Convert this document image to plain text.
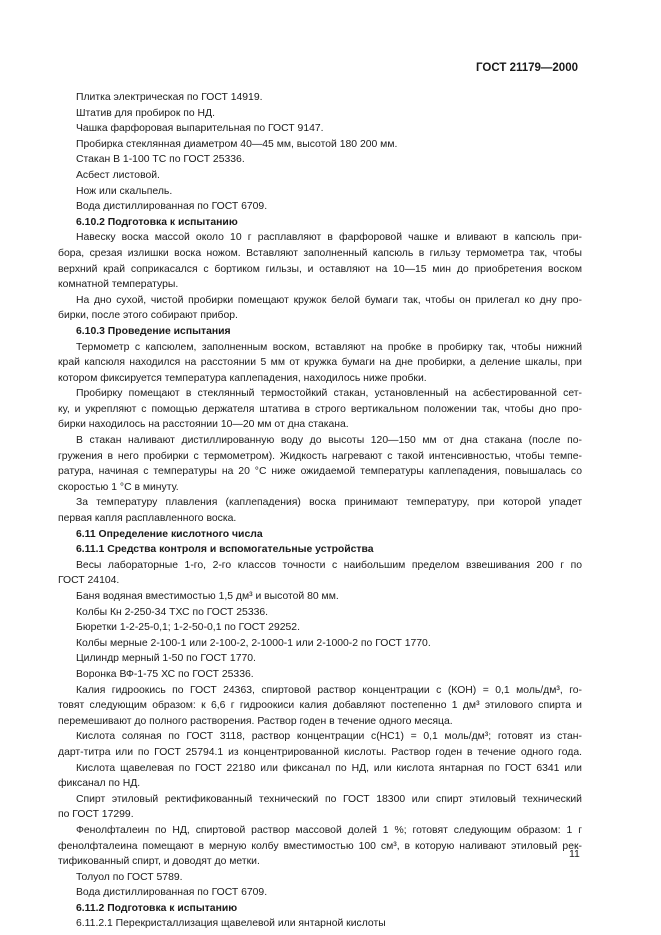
ГОСТ 21179—2000
Плитка электрическая по ГОСТ 14919.
Штатив для пробирок по НД.
Чашка фарфоровая выпарительная по ГОСТ 9147.
Пробирка стеклянная диаметром 40—45 мм, высотой 180 200 мм.
Стакан В 1-100 ТС по ГОСТ 25336.
Асбест листовой.
Нож или скальпель.
Вода дистиллированная по ГОСТ 6709.
6.10.2 Подготовка к испытанию
Навеску воска массой около 10 г расплавляют в фарфоровой чашке и вливают в капсюль при-
бора, срезая излишки воска ножом. Вставляют заполненный капсюль в гильзу термометра так, чтобы
верхний край соприкасался с бортиком гильзы, и оставляют на 10—15 мин до приобретения воском
комнатной температуры.
На дно сухой, чистой пробирки помещают кружок белой бумаги так, чтобы он прилегал ко дну про-
бирки, после этого собирают прибор.
6.10.3 Проведение испытания
Термометр с капсюлем, заполненным воском, вставляют на пробке в пробирку так, чтобы нижний
край капсюля находился на расстоянии 5 мм от кружка бумаги на дне пробирки, а деление шкалы, при
котором фиксируется температура каплепадения, находилось ниже пробки.
Пробирку помещают в стеклянный термостойкий стакан, установленный на асбестированной сет-
ку, и укрепляют с помощью держателя штатива в строго вертикальном положении так, чтобы дно про-
бирки находилось на расстоянии 10—20 мм от дна стакана.
В стакан наливают дистиллированную воду до высоты 120—150 мм от дна стакана (после по-
гружения в него пробирки с термометром). Жидкость нагревают с такой интенсивностью, чтобы темпе-
ратура, начиная с температуры на 20 °С ниже ожидаемой температуры каплепадения, повышалась со
скоростью 1 °С в минуту.
За температуру плавления (каплепадения) воска принимают температуру, при которой упадет
первая капля расплавленного воска.
6.11 Определение кислотного числа
6.11.1 Средства контроля и вспомогательные устройства
Весы лабораторные 1-го, 2-го классов точности с наибольшим пределом взвешивания 200 г по
ГОСТ 24104.
Баня водяная вместимостью 1,5 дм³ и высотой 80 мм.
Колбы Кн 2-250-34 ТХС по ГОСТ 25336.
Бюретки 1-2-25-0,1; 1-2-50-0,1 по ГОСТ 29252.
Колбы мерные 2-100-1 или 2-100-2, 2-1000-1 или 2-1000-2 по ГОСТ 1770.
Цилиндр мерный 1-50 по ГОСТ 1770.
Воронка ВФ-1-75 ХС по ГОСТ 25336.
Калия гидроокись по ГОСТ 24363, спиртовой раствор концентрации с (КОН) = 0,1 моль/дм³, го-
товят следующим образом: к 6,6 г гидроокиси калия добавляют постепенно 1 дм³ этилового спирта и
перемешивают до полного растворения. Раствор годен в течение одного месяца.
Кислота соляная по ГОСТ 3118, раствор концентрации с(НС1) = 0,1 моль/дм³; готовят из стан-
дарт-титра или по ГОСТ 25794.1 из концентрированной кислоты. Раствор годен в течение одного года.
Кислота щавелевая по ГОСТ 22180 или фиксанал по НД, или кислота янтарная по ГОСТ 6341 или
фиксанал по НД.
Спирт этиловый ректификованный технический по ГОСТ 18300 или спирт этиловый технический
по ГОСТ 17299.
Фенолфталеин по НД, спиртовой раствор массовой долей 1 %; готовят следующим образом: 1 г
фенолфталеина помещают в мерную колбу вместимостью 100 см³, в которую наливают этиловый рек-
тификованный спирт, и доводят до метки.
Толуол по ГОСТ 5789.
Вода дистиллированная по ГОСТ 6709.
6.11.2 Подготовка к испытанию
6.11.2.1 Перекристаллизация щавелевой или янтарной кислоты
11
